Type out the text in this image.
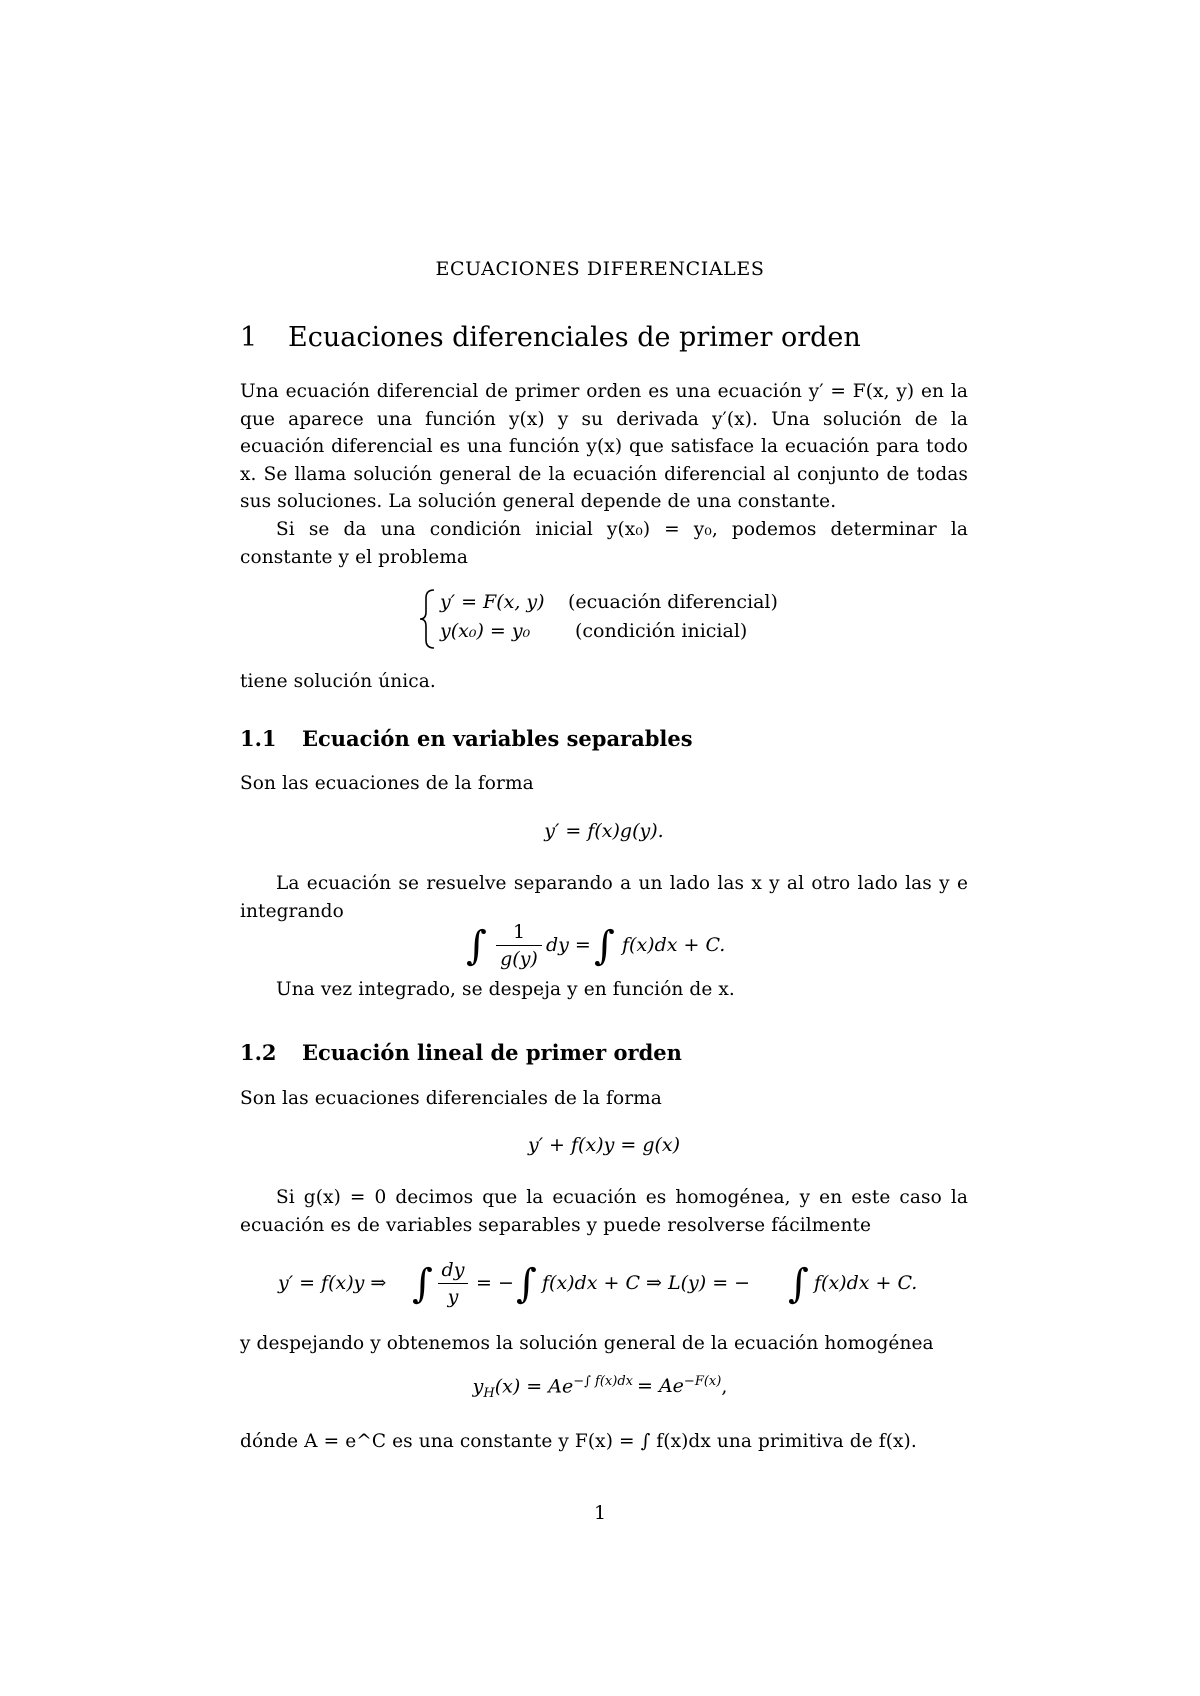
ECUACIONES DIFERENCIALES
1 Ecuaciones diferenciales de primer orden

Una ecuación diferencial de primer orden es una ecuación y′ = F(x, y) en la que aparece una función y(x) y su derivada y′(x). Una solución de la ecuación diferencial es una función y(x) que satisface la ecuación para todo x. Se llama solución general de la ecuación diferencial al conjunto de todas sus soluciones. La solución general depende de una constante.

Si se da una condición inicial y(x₀) = y₀, podemos determinar la constante y el problema

y′ = F(x, y) (ecuación diferencial)
y(x₀) = y₀ (condición inicial)

tiene solución única.

1.1 Ecuación en variables separables

Son las ecuaciones de la forma

y′ = f(x)g(y).

La ecuación se resuelve separando a un lado las x y al otro lado las y e integrando

∫	1
g(y)
dy = ∫ f(x)dx + C.

Una vez integrado, se despeja y en función de x.

1.2 Ecuación lineal de primer orden

Son las ecuaciones diferenciales de la forma

y′ + f(x)y = g(x)

Si g(x) = 0 decimos que la ecuación es homogénea, y en este caso la ecuación es de variables separables y puede resolverse fácilmente

y′ = f(x)y ⇒ ∫ dy
y
= − ∫ f(x)dx + C ⇒ L(y) = − ∫ f(x)dx + C.

y despejando y obtenemos la solución general de la ecuación homogénea

$y_H(x) = Ae^{-\int f(x)dx} = Ae^{-F(x)}$,

dónde A = e^C es una constante y F(x) = ∫ f(x)dx una primitiva de f(x).

1
